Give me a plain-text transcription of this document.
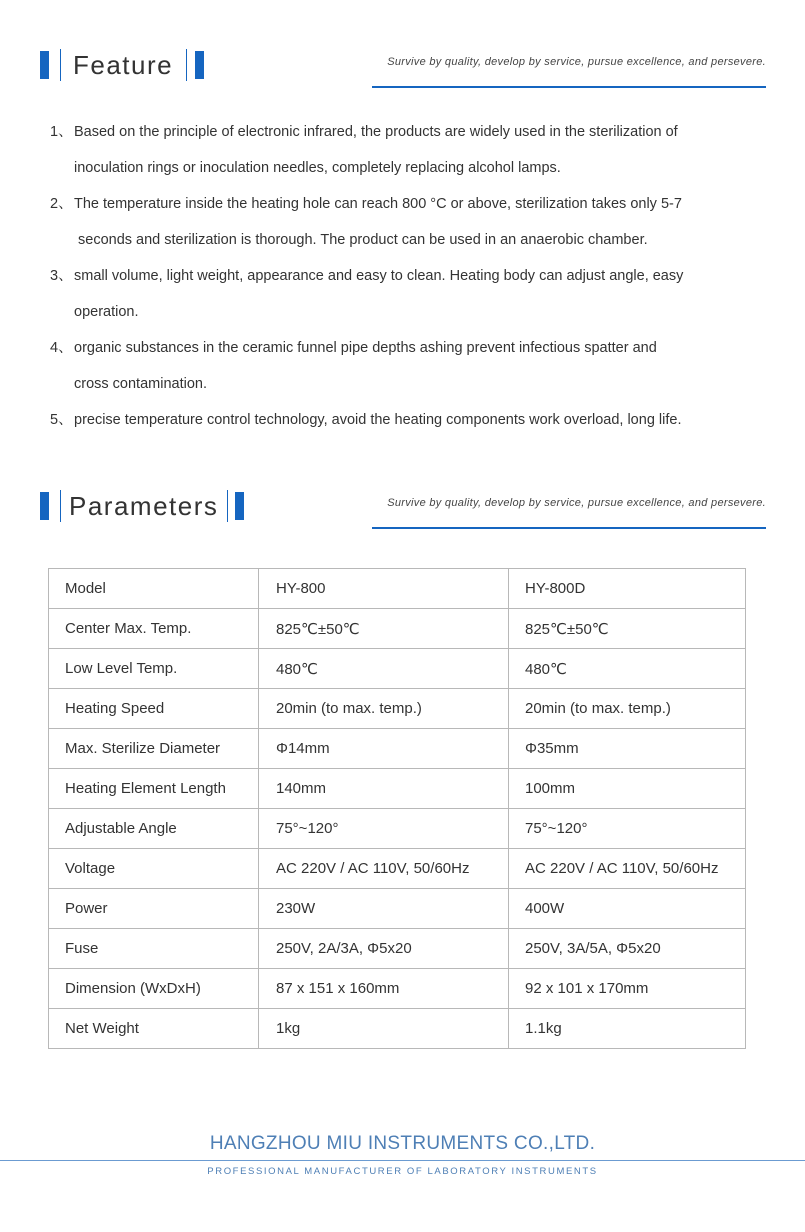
Feature	Survive by quality, develop by service, pursue excellence, and persevere.

1、Based on the principle of electronic infrared, the products are widely used in the sterilization of

inoculation rings or inoculation needles, completely replacing alcohol lamps.

2、The temperature inside the heating hole can reach 800 °C or above, sterilization takes only 5-7

seconds and sterilization is thorough. The product can be used in an anaerobic chamber.

3、small volume, light weight, appearance and easy to clean. Heating body can adjust angle, easy

operation.

4、organic substances in the ceramic funnel pipe depths ashing prevent infectious spatter and

cross contamination.

5、precise temperature control technology, avoid the heating components work overload, long life.

Parameters	Survive by quality, develop by service, pursue excellence, and persevere.
Model	HY-800	HY-800D
Center Max. Temp.	825℃±50℃	825℃±50℃
Low Level Temp.	480℃	480℃
Heating Speed	20min (to max. temp.)	20min (to max. temp.)
Max. Sterilize Diameter	Φ14mm	Φ35mm
Heating Element Length	140mm	100mm
Adjustable Angle	75°~120°	75°~120°
Voltage	AC 220V / AC 110V, 50/60Hz	AC 220V / AC 110V, 50/60Hz
Power	230W	400W
Fuse	250V, 2A/3A, Φ5x20	250V, 3A/5A, Φ5x20
Dimension (WxDxH)	87 x 151 x 160mm	92 x 101 x 170mm
Net Weight	1kg	1.1kg
HANGZHOU MIU INSTRUMENTS CO.,LTD.
PROFESSIONAL MANUFACTURER OF LABORATORY INSTRUMENTS
